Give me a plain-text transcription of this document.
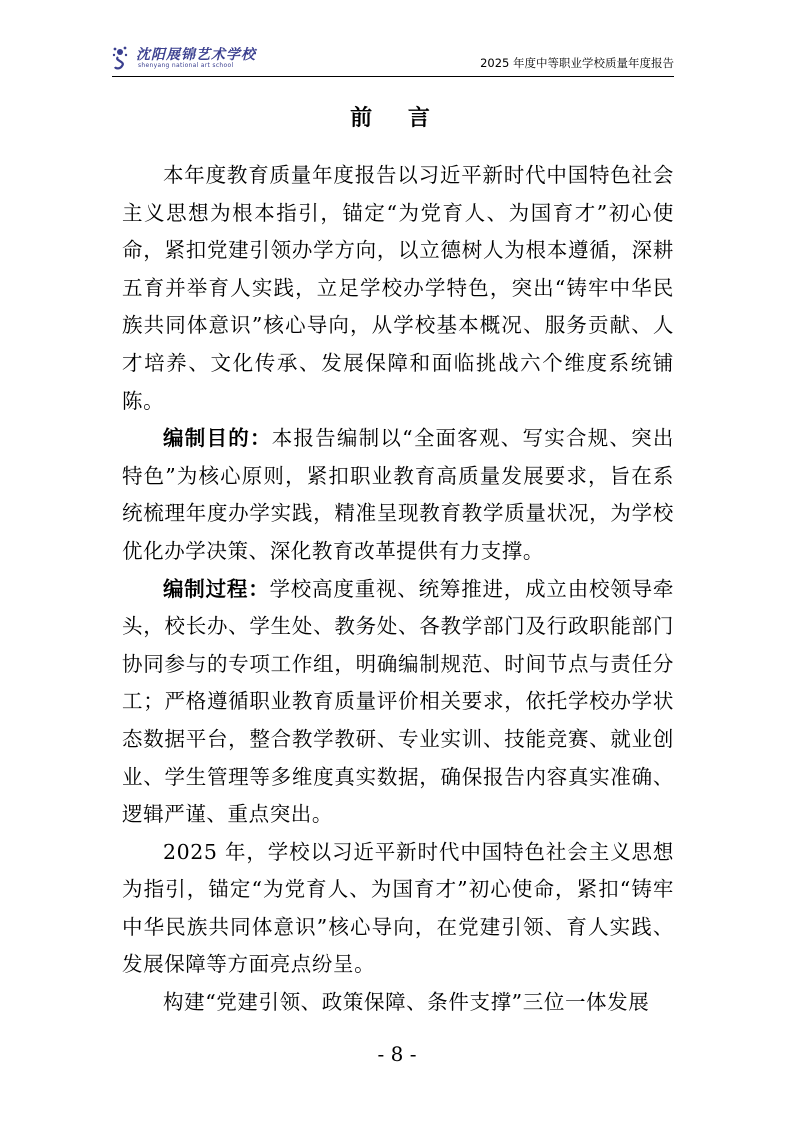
沈阳展锦艺术学校
shenyang national art school	2025 年度中等职业学校质量年度报告
前 言

本年度教育质量年度报告以习近平新时代中国特色社会主义思想为根本指引，锚定“为党育人、为国育才”初心使命，紧扣党建引领办学方向，以立德树人为根本遵循，深耕五育并举育人实践，立足学校办学特色，突出“铸牢中华民族共同体意识”核心导向，从学校基本概况、服务贡献、人才培养、文化传承、发展保障和面临挑战六个维度系统铺陈。

编制目的：本报告编制以“全面客观、写实合规、突出特色”为核心原则，紧扣职业教育高质量发展要求，旨在系统梳理年度办学实践，精准呈现教育教学质量状况，为学校优化办学决策、深化教育改革提供有力支撑。

编制过程：学校高度重视、统筹推进，成立由校领导牵头，校长办、学生处、教务处、各教学部门及行政职能部门协同参与的专项工作组，明确编制规范、时间节点与责任分工；严格遵循职业教育质量评价相关要求，依托学校办学状态数据平台，整合教学教研、专业实训、技能竞赛、就业创业、学生管理等多维度真实数据，确保报告内容真实准确、逻辑严谨、重点突出。

2025 年，学校以习近平新时代中国特色社会主义思想为指引，锚定“为党育人、为国育才”初心使命，紧扣“铸牢中华民族共同体意识”核心导向，在党建引领、育人实践、发展保障等方面亮点纷呈。

构建“党建引领、政策保障、条件支撑”三位一体发展

- 8 -
